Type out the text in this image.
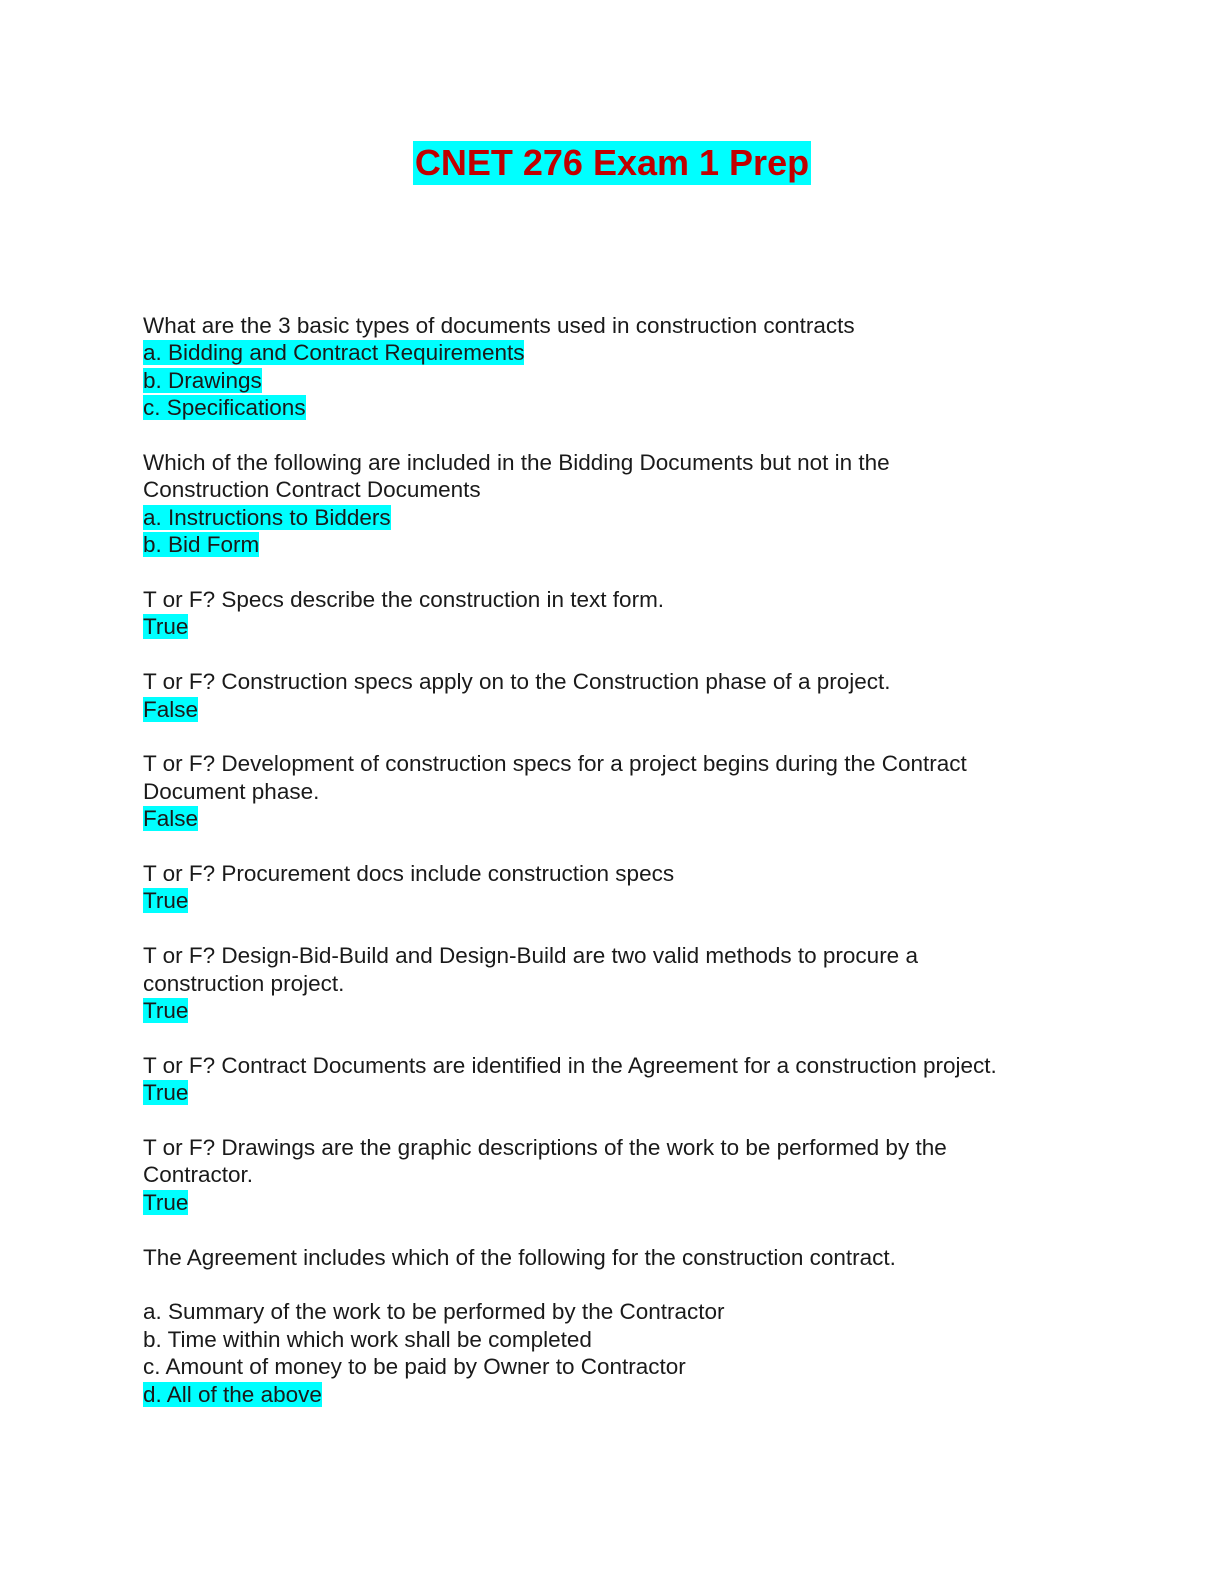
CNET 276 Exam 1 Prep
What are the 3 basic types of documents used in construction contracts
a. Bidding and Contract Requirements
b. Drawings
c. Specifications
Which of the following are included in the Bidding Documents but not in the
Construction Contract Documents
a. Instructions to Bidders
b. Bid Form
T or F? Specs describe the construction in text form.
True
T or F? Construction specs apply on to the Construction phase of a project.
False
T or F? Development of construction specs for a project begins during the Contract
Document phase.
False
T or F? Procurement docs include construction specs
True
T or F? Design-Bid-Build and Design-Build are two valid methods to procure a
construction project.
True
T or F? Contract Documents are identified in the Agreement for a construction project.
True
T or F? Drawings are the graphic descriptions of the work to be performed by the
Contractor.
True
The Agreement includes which of the following for the construction contract.
a. Summary of the work to be performed by the Contractor
b. Time within which work shall be completed
c. Amount of money to be paid by Owner to Contractor
d. All of the above
